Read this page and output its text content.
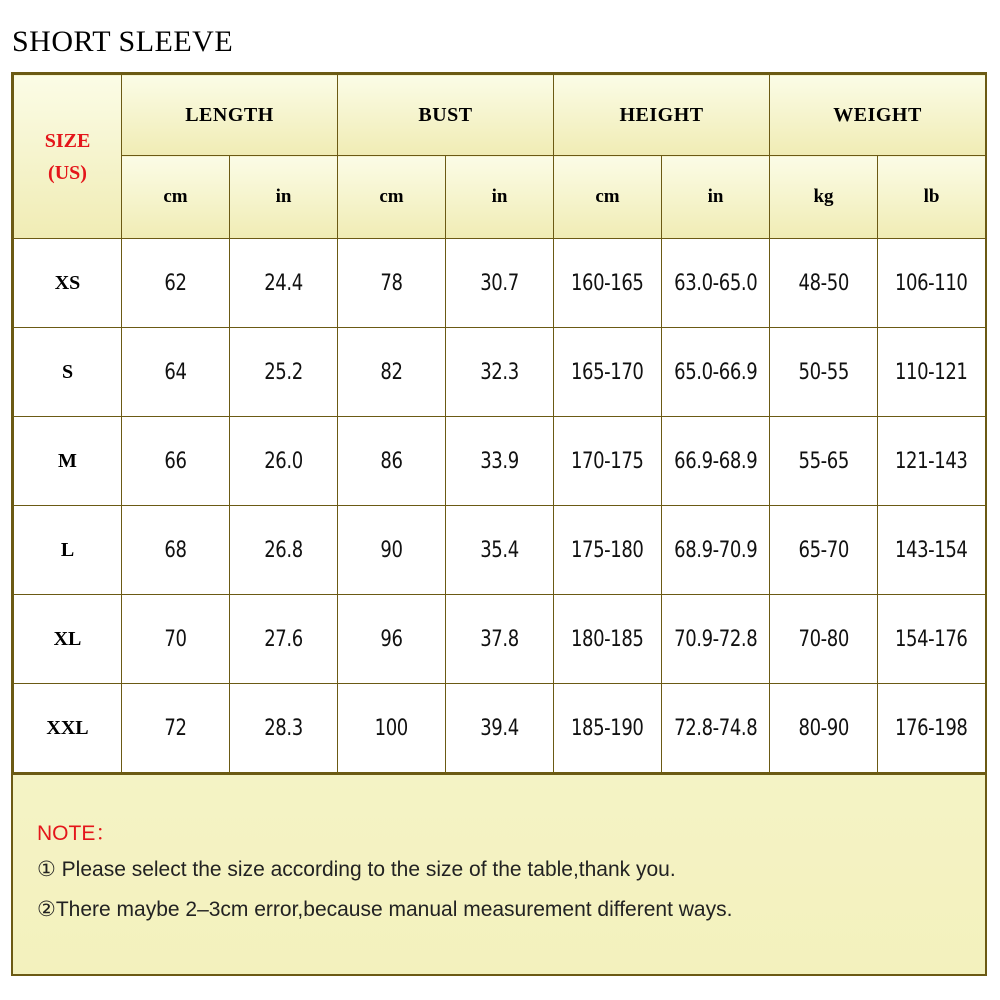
SHORT SLEEVE
SIZE
(US)	LENGTH		BUST		HEIGHT		WEIGHT	
	cm	in	cm	in	cm	in	kg	lb
XS	62	24.4	78	30.7	160-165	63.0-65.0	48-50	106-110
S	64	25.2	82	32.3	165-170	65.0-66.9	50-55	110-121
M	66	26.0	86	33.9	170-175	66.9-68.9	55-65	121-143
L	68	26.8	90	35.4	175-180	68.9-70.9	65-70	143-154
XL	70	27.6	96	37.8	180-185	70.9-72.8	70-80	154-176
XXL	72	28.3	100	39.4	185-190	72.8-74.8	80-90	176-198

NOTE：

① Please select the size according to the size of the table,thank you.

②There maybe 2–3cm error,because manual measurement different ways.
